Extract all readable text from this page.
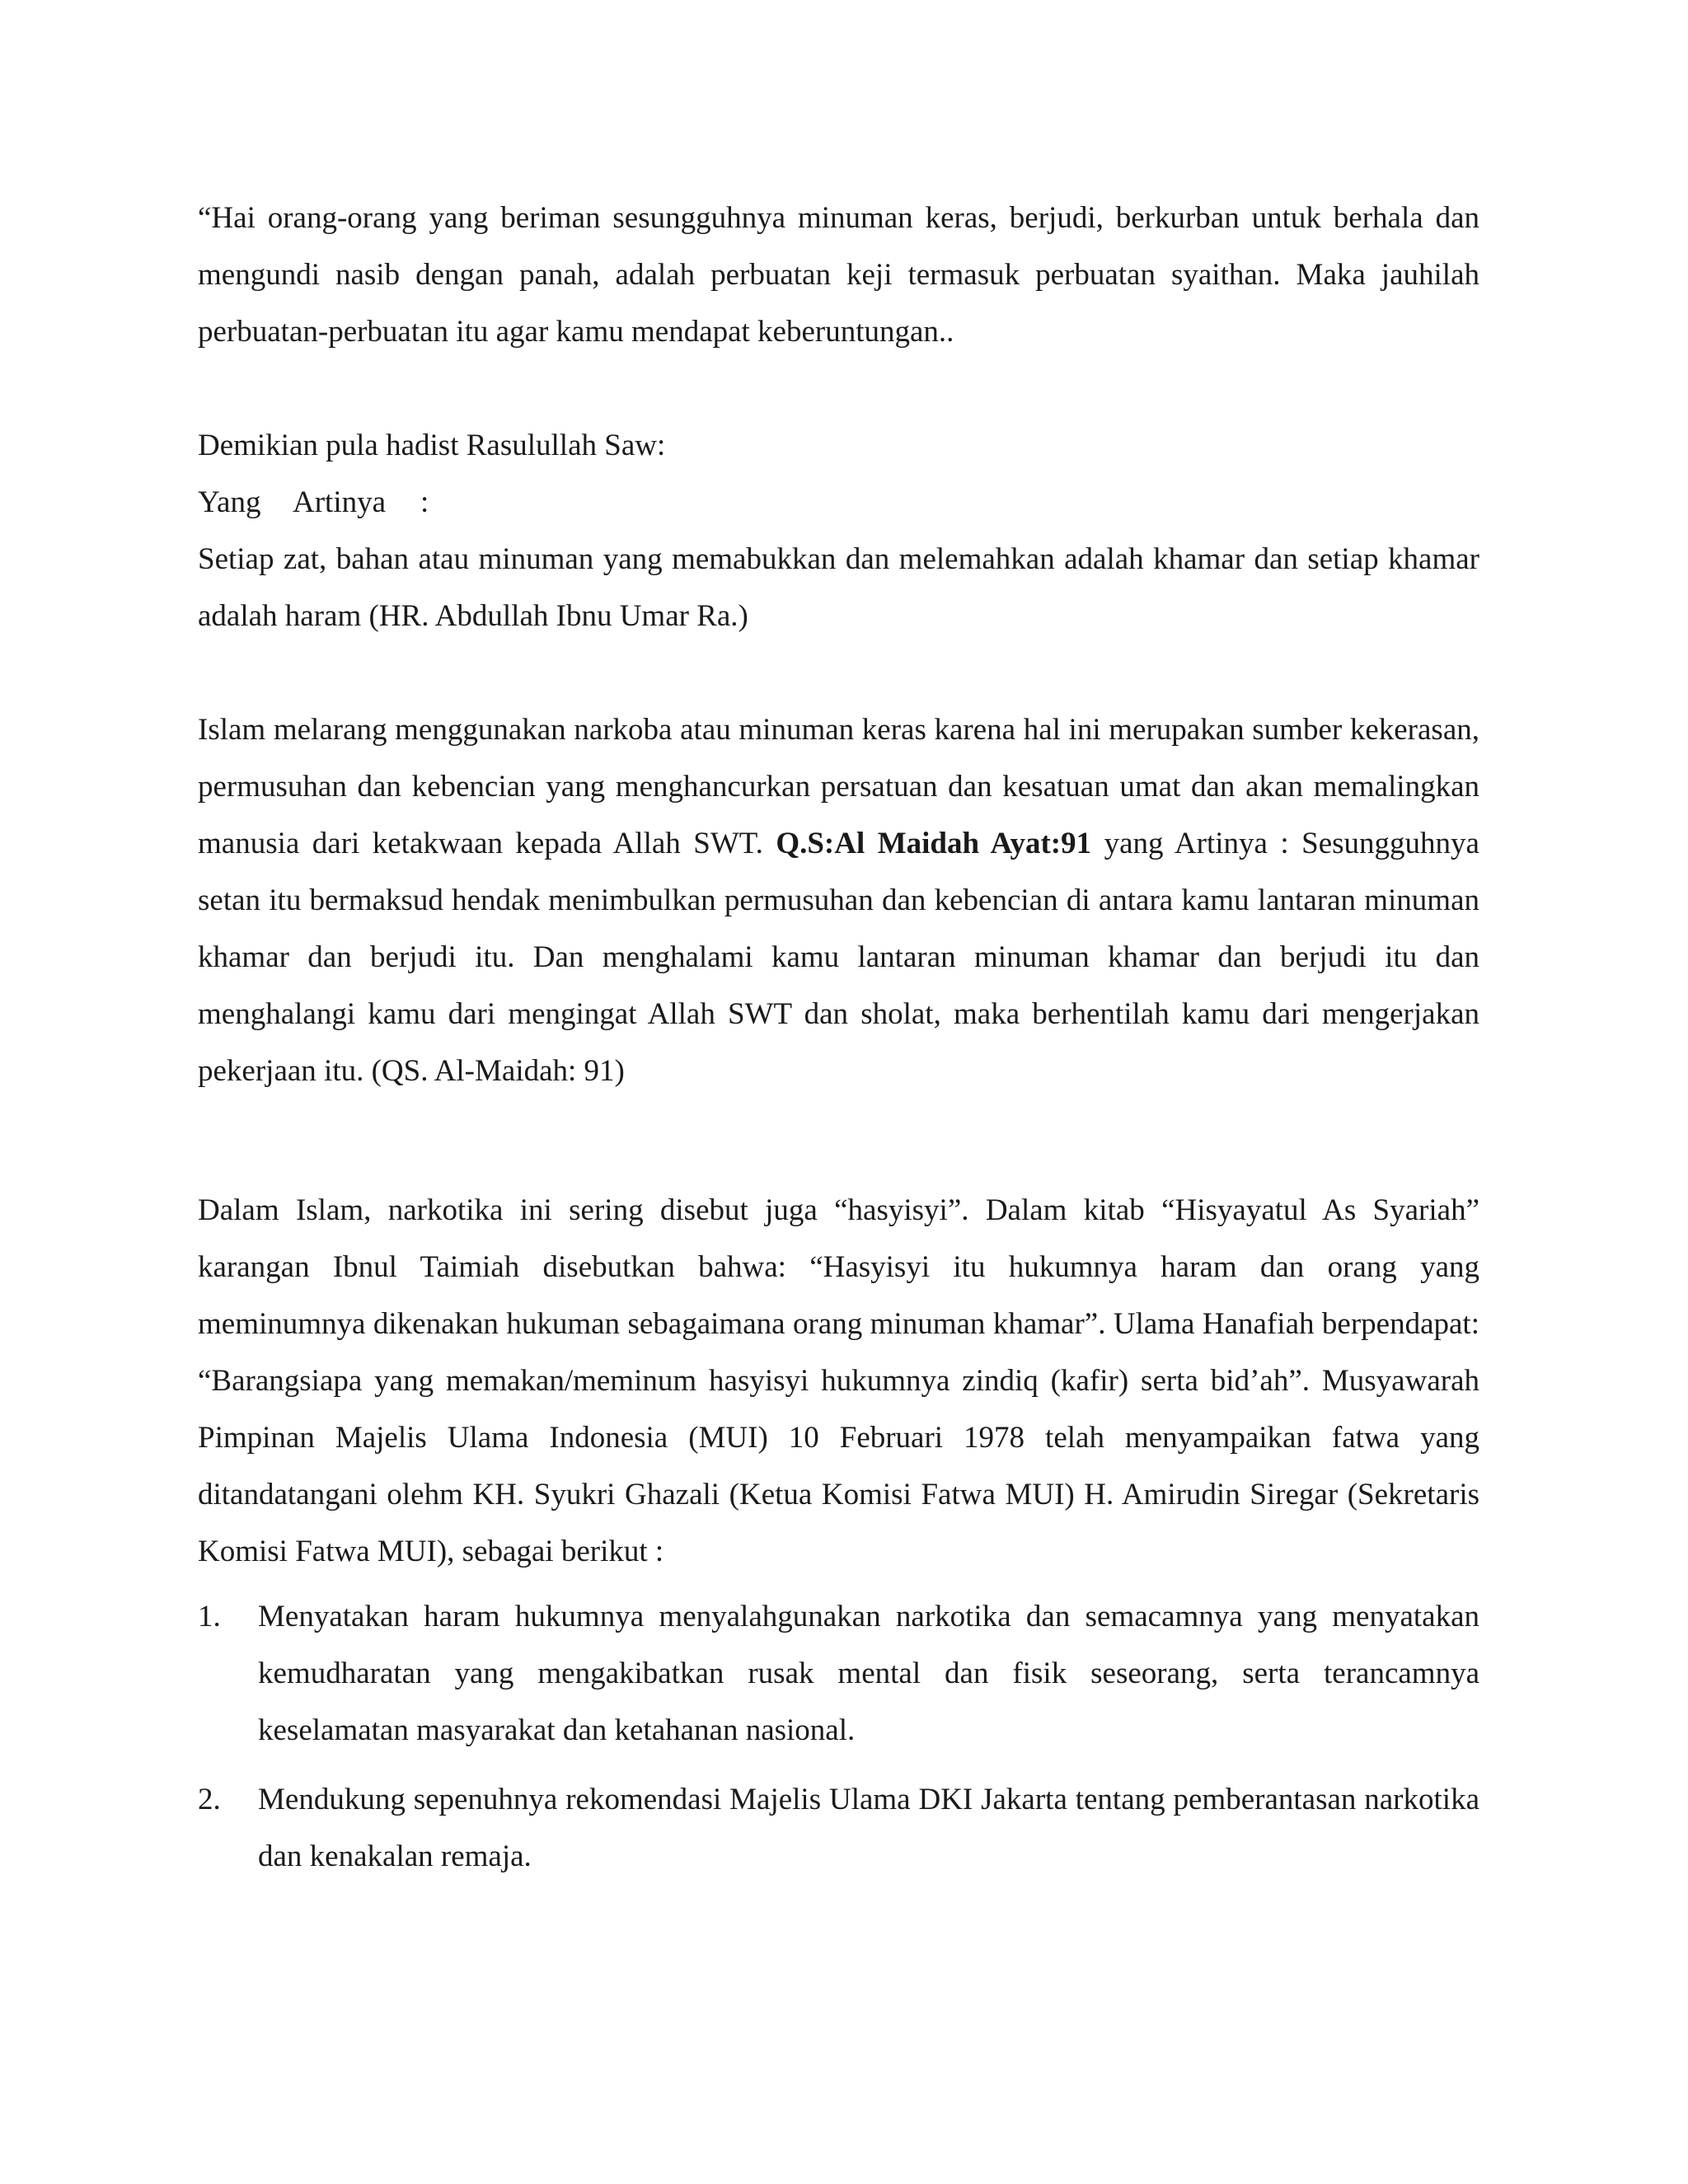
“Hai orang-orang yang beriman sesungguhnya minuman keras, berjudi, berkurban untuk berhala dan mengundi nasib dengan panah, adalah perbuatan keji termasuk perbuatan syaithan. Maka jauhilah perbuatan-perbuatan itu agar kamu mendapat keberuntungan..

Demikian pula hadist Rasulullah Saw:

Yang Artinya :

Setiap zat, bahan atau minuman yang memabukkan dan melemahkan adalah khamar dan setiap khamar adalah haram (HR. Abdullah Ibnu Umar Ra.)

Islam melarang menggunakan narkoba atau minuman keras karena hal ini merupakan sumber kekerasan, permusuhan dan kebencian yang menghancurkan persatuan dan kesatuan umat dan akan memalingkan manusia dari ketakwaan kepada Allah SWT. Q.S:Al Maidah Ayat:91 yang Artinya : Sesungguhnya setan itu bermaksud hendak menimbulkan permusuhan dan kebencian di antara kamu lantaran minuman khamar dan berjudi itu. Dan menghalami kamu lantaran minuman khamar dan berjudi itu dan menghalangi kamu dari mengingat Allah SWT dan sholat, maka berhentilah kamu dari mengerjakan pekerjaan itu. (QS. Al-Maidah: 91)

Dalam Islam, narkotika ini sering disebut juga “hasyisyi”. Dalam kitab “Hisyayatul As Syariah” karangan Ibnul Taimiah disebutkan bahwa: “Hasyisyi itu hukumnya haram dan orang yang meminumnya dikenakan hukuman sebagaimana orang minuman khamar”. Ulama Hanafiah berpendapat: “Barangsiapa yang memakan/meminum hasyisyi hukumnya zindiq (kafir) serta bid’ah”. Musyawarah Pimpinan Majelis Ulama Indonesia (MUI) 10 Februari 1978 telah menyampaikan fatwa yang ditandatangani olehm KH. Syukri Ghazali (Ketua Komisi Fatwa MUI) H. Amirudin Siregar (Sekretaris Komisi Fatwa MUI), sebagai berikut :

1. Menyatakan haram hukumnya menyalahgunakan narkotika dan semacamnya yang menyatakan kemudharatan yang mengakibatkan rusak mental dan fisik seseorang, serta terancamnya keselamatan masyarakat dan ketahanan nasional.
2. Mendukung sepenuhnya rekomendasi Majelis Ulama DKI Jakarta tentang pemberantasan narkotika dan kenakalan remaja.
